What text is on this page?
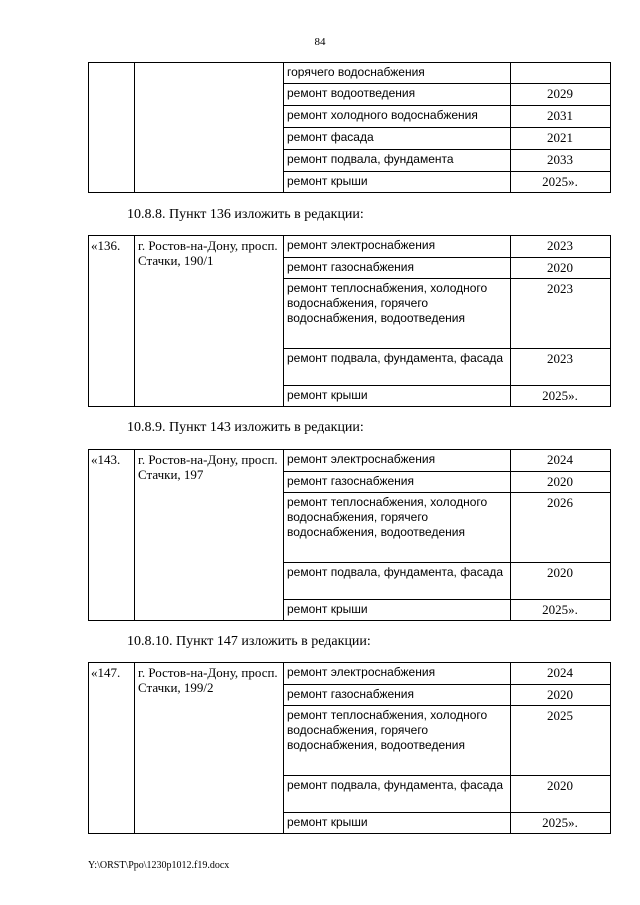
84
		горячего водоснабжения	
		ремонт водоотведения	2029
		ремонт холодного водоснабжения	2031
		ремонт фасада	2021
		ремонт подвала, фундамента	2033
		ремонт крыши	2025».
10.8.8. Пункт 136 изложить в редакции:
«136.	г. Ростов-на-Дону, просп. Стачки, 190/1	ремонт электроснабжения	2023
		ремонт газоснабжения	2020
		ремонт теплоснабжения, холодного водоснабжения, горячего водоснабжения, водоотведения	2023
		ремонт подвала, фундамента, фасада	2023
		ремонт крыши	2025».
10.8.9. Пункт 143 изложить в редакции:
«143.	г. Ростов-на-Дону, просп. Стачки, 197	ремонт электроснабжения	2024
		ремонт газоснабжения	2020
		ремонт теплоснабжения, холодного водоснабжения, горячего водоснабжения, водоотведения	2026
		ремонт подвала, фундамента, фасада	2020
		ремонт крыши	2025».
10.8.10. Пункт 147 изложить в редакции:
«147.	г. Ростов-на-Дону, просп. Стачки, 199/2	ремонт электроснабжения	2024
		ремонт газоснабжения	2020
		ремонт теплоснабжения, холодного водоснабжения, горячего водоснабжения, водоотведения	2025
		ремонт подвала, фундамента, фасада	2020
		ремонт крыши	2025».
Y:\ORST\Ppo\1230p1012.f19.docx
